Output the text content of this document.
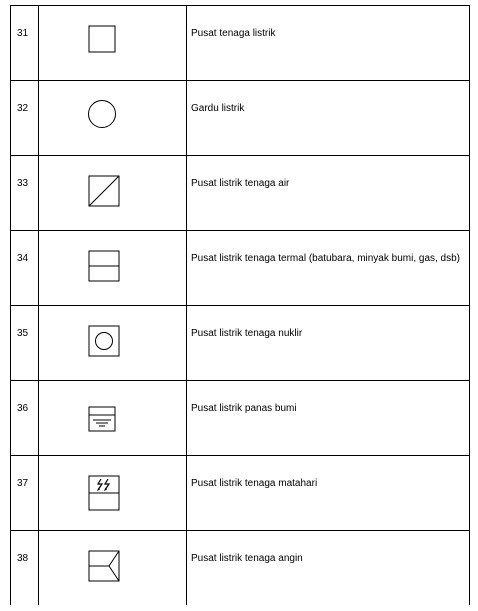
31		Pusat tenaga listrik
32		Gardu listrik
33		Pusat listrik tenaga air
34		Pusat listrik tenaga termal (batubara, minyak bumi, gas, dsb)
35		Pusat listrik tenaga nuklir
36		Pusat listrik panas bumi
37		Pusat listrik tenaga matahari
38		Pusat listrik tenaga angin
